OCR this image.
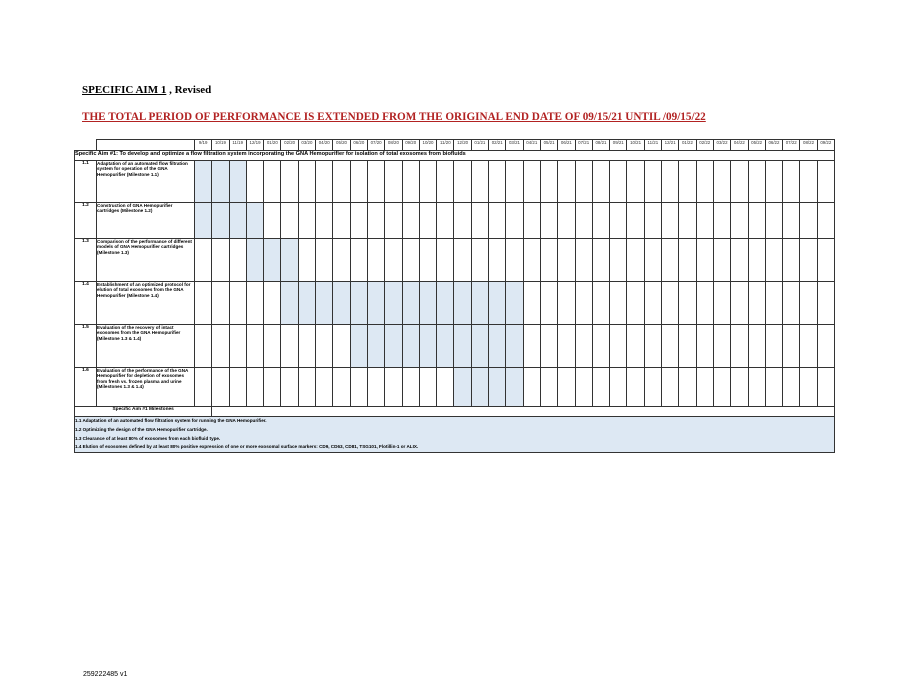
SPECIFIC AIM 1 , Revised
THE TOTAL PERIOD OF PERFORMANCE IS EXTENDED FROM THE ORIGINAL END DATE OF 09/15/21 UNTIL /09/15/22
		9/19	10/19	11/19	12/19	01/20	02/20	03/20	04/20	05/20	06/20	07/20	08/20	09/20	10/20	11/20	12/20	01/21	02/21	03/21	04/21	05/21	06/21	07/21	08/21	09/21	10/21	11/21	12/21	01/22	02/22	03/22	04/22	05/22	06/22	07/22	08/22	09/22
Specific Aim #1: To develop and optimize a flow filtration system incorporating the GNA Hemopurifier for isolation of total exosomes from biofluids																																						
1.1	Adaptation of an automated flow filtration system for operation of the GNA Hemopurifier (Milestone 1.1)																																					
1.2	Construction of GNA Hemopurifier cartridges (Milestone 1.2)																																					
1.3	Comparison of the performance of different models of GNA Hemopurifier cartridges (Milestone 1.3)																																					
1.4	Establishment of an optimized protocol for elution of total exosomes from the GNA Hemopurifier (Milestone 1.4)																																					
1.5	Evaluation of the recovery of intact exosomes from the GNA Hemopurifier (Milestone 1.3 & 1.4)																																					
1.6	Evaluation of the performance of the GNA Hemopurifier for depletion of exosomes from fresh vs. frozen plasma and urine (Milestones 1.3 & 1.4)																																					
Specific Aim #1 Milestones																																						

1.1 Adaptation of an automated flow filtration system for running the GNA Hemopurifier.
1.2 Optimizing the design of the GNA Hemopurifier cartridge.
1.3 Clearance of at least 80% of exosomes from each biofluid type.
1.4 Elution of exosomes defined by at least 80% positive expression of one or more exosomal surface markers: CD9, CD63, CD81, TSG101, Flotillin-1 or ALIX.																																						
259222485 v1
